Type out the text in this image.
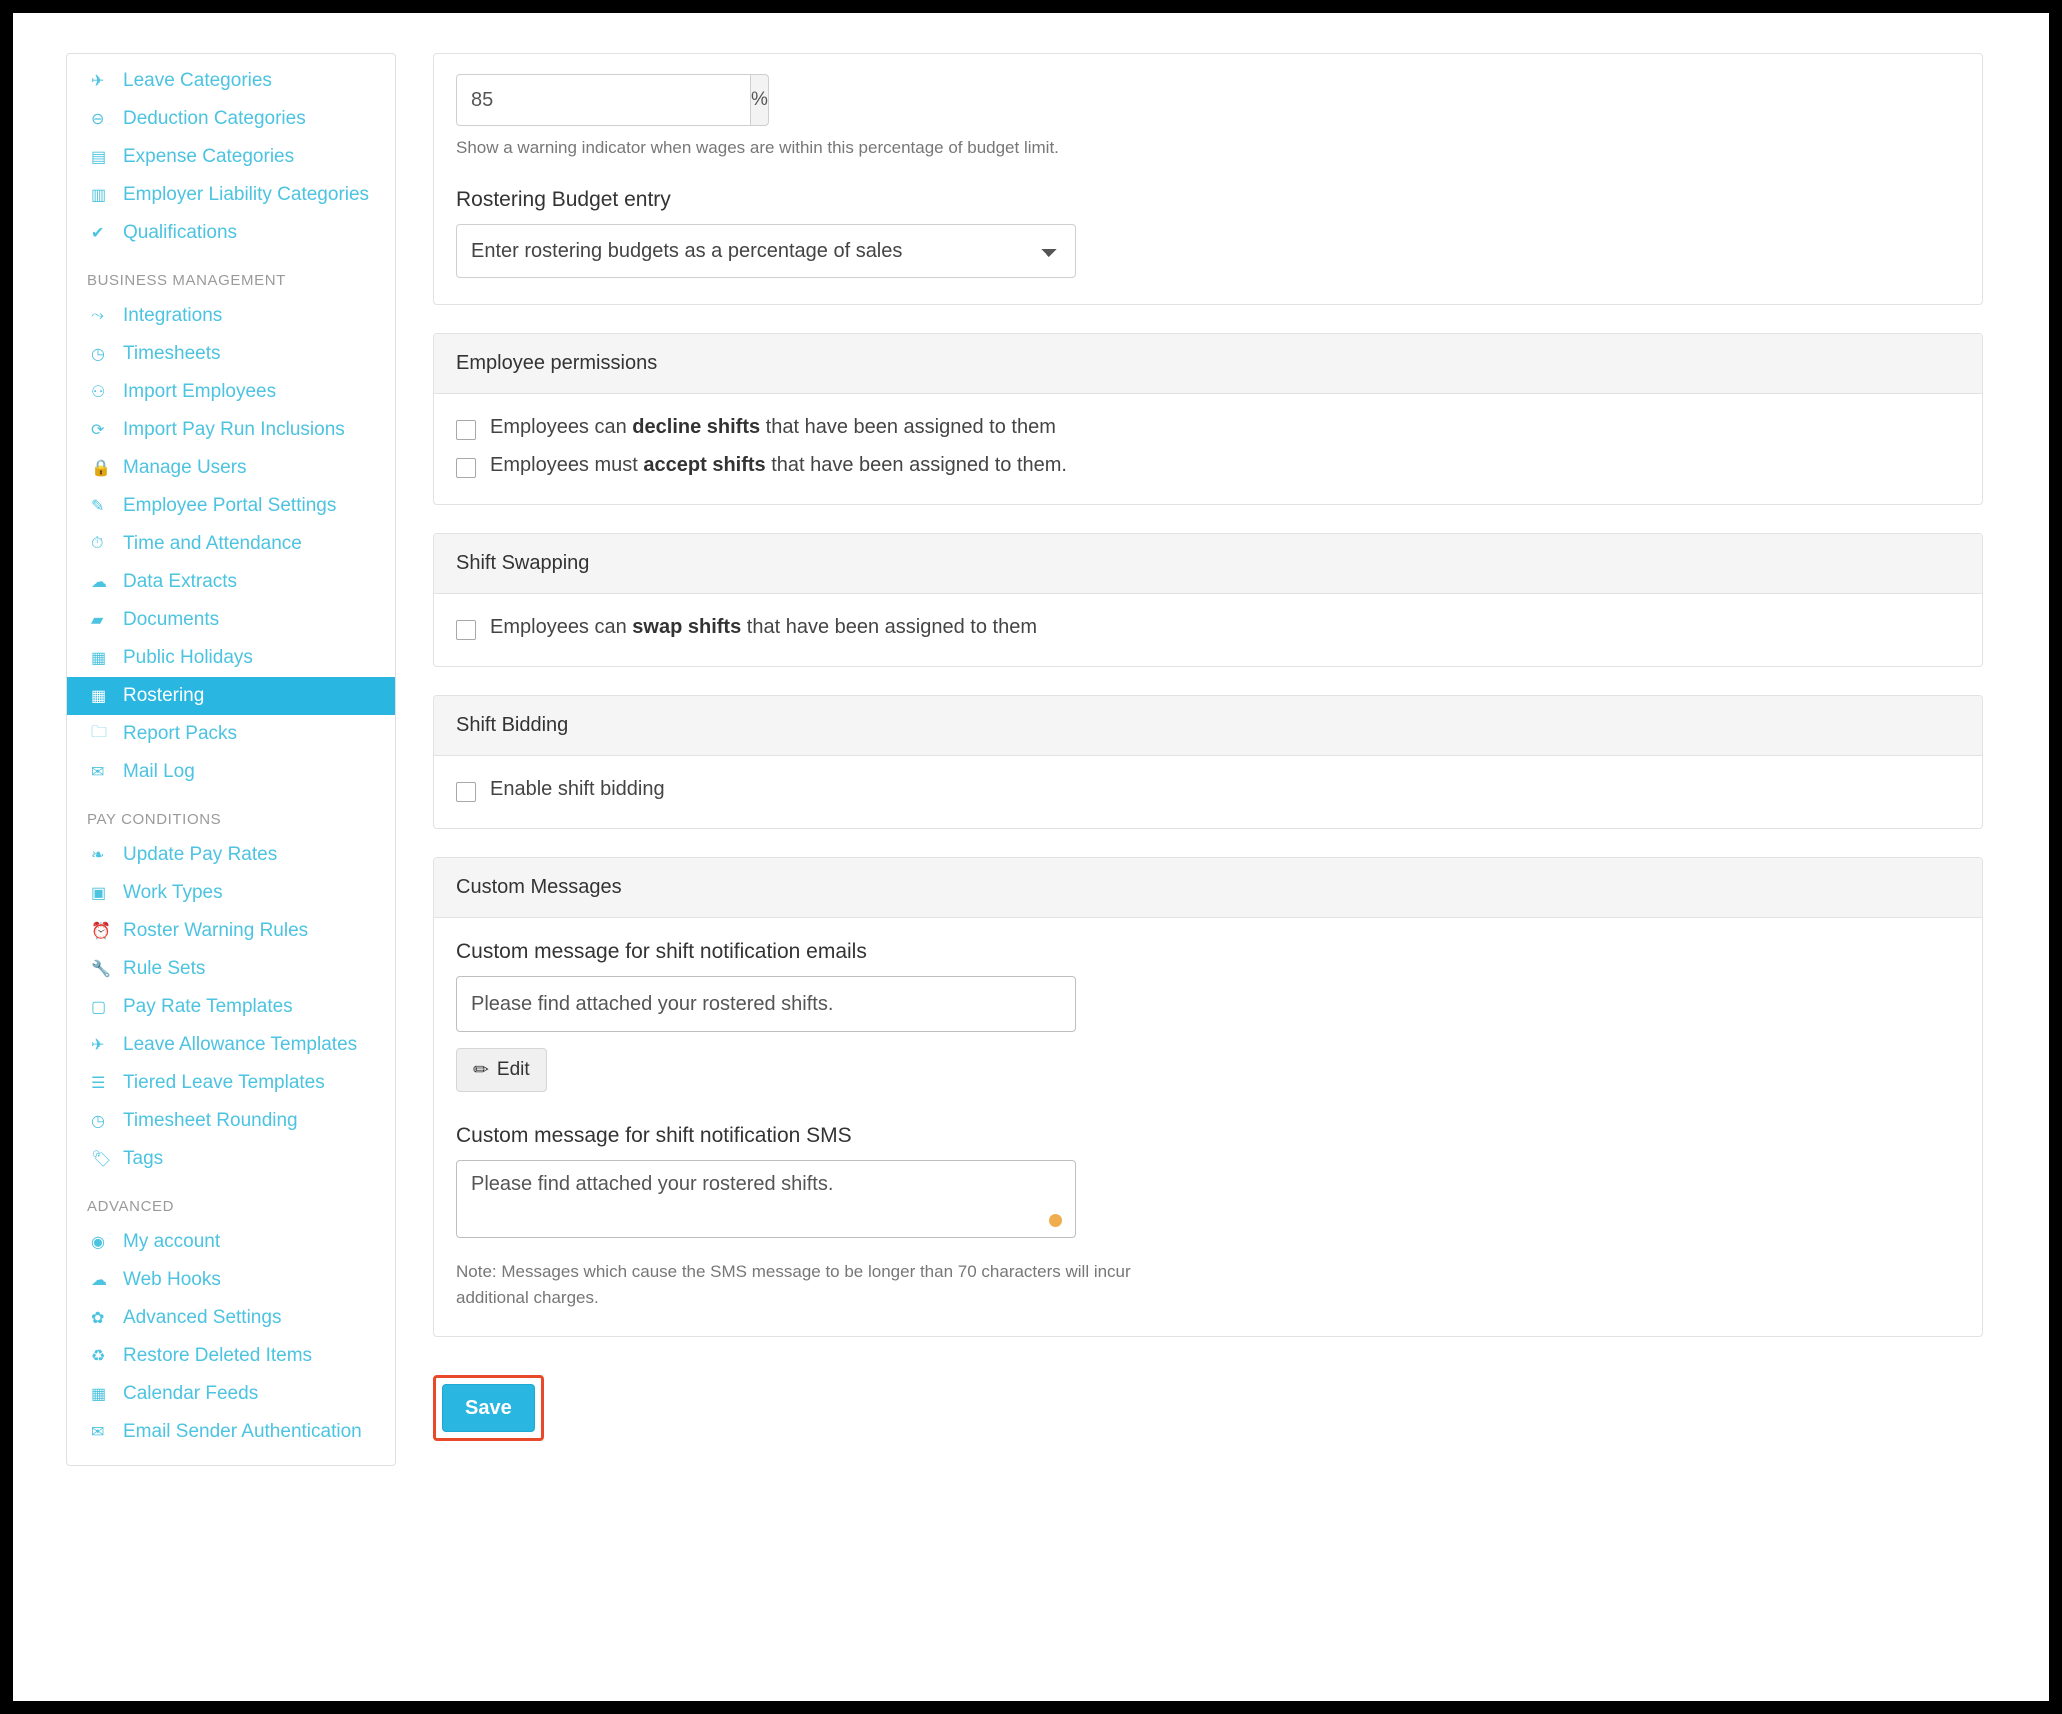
✈ Leave Categories
⊖ Deduction Categories
▤ Expense Categories
▥ Employer Liability Categories
✔ Qualifications
BUSINESS MANAGEMENT
⤳	Integrations
◷ Timesheets
⚇ Import Employees
⟳ Import Pay Run Inclusions
🔒 Manage Users
✎ Employee Portal Settings
⏱	Time and Attendance
☁ Data Extracts
▰	Documents
▦ Public Holidays
▦ Rostering
🗀 Report Packs
✉ Mail Log
PAY CONDITIONS
❧ Update Pay Rates
▣ Work Types
⏰ Roster Warning Rules
🔧 Rule Sets
▢ Pay Rate Templates
✈ Leave Allowance Templates
☰ Tiered Leave Templates
◷ Timesheet Rounding
🏷 Tags
ADVANCED
◉ My account
☁ Web Hooks
✿ Advanced Settings
♻ Restore Deleted Items
▦ Calendar Feeds
✉ Email Sender Authentication
85
%
Show a warning indicator when wages are within this percentage of budget limit.
Rostering Budget entry
Enter rostering budgets as a percentage of sales
Employee permissions
Employees can decline shifts that have been assigned to them
Employees must accept shifts that have been assigned to them.
Shift Swapping
Employees can swap shifts that have been assigned to them
Shift Bidding
Enable shift bidding
Custom Messages
Custom message for shift notification emails
Please find attached your rostered shifts.
✏ Edit
Custom message for shift notification SMS
Please find attached your rostered shifts.
Note: Messages which cause the SMS message to be longer than 70 characters will incur additional charges.
Save
